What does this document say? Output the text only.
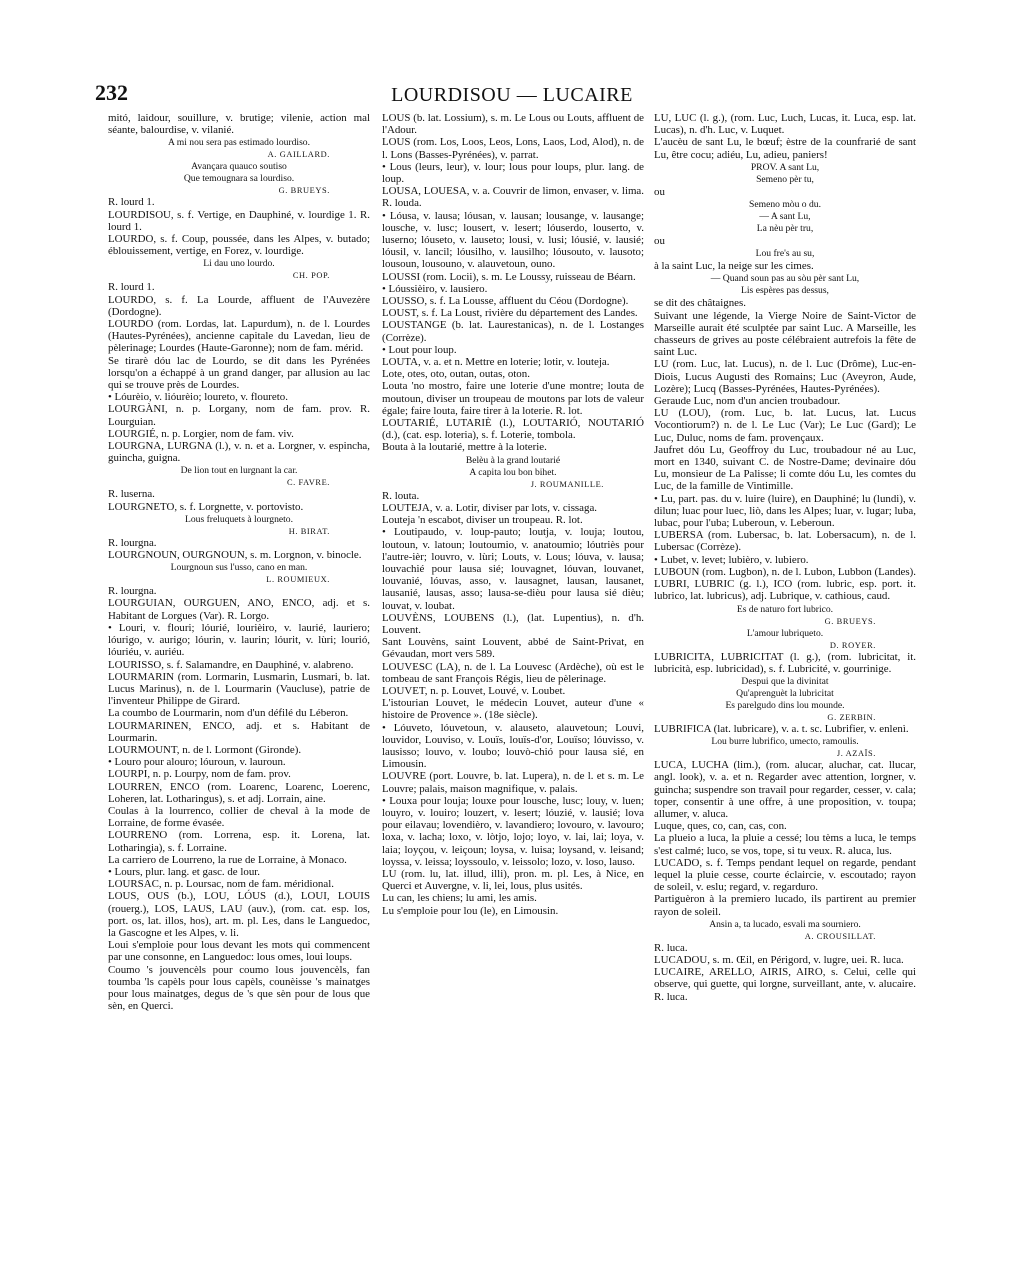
232	LOURDISOU — LUCAIRE

mitó, laidour, souillure, v. brutige; vilenie, action mal séante, balourdise, v. vilanié.

A mi nou sera pas estimado lourdiso.

A. GAILLARD.

Avançara quauco soutiso

Que temougnara sa lourdiso.

G. BRUEYS.

R. lourd 1.

LOURDISOU, s. f. Vertige, en Dauphiné, v. lourdige 1. R. lourd 1.

LOURDO, s. f. Coup, poussée, dans les Alpes, v. butado; éblouissement, vertige, en Forez, v. lourdige.

Li dau uno lourdo.

CH. POP.

R. lourd 1.

LOURDO, s. f. La Lourde, affluent de l'Auvezère (Dordogne).

LOURDO (rom. Lordas, lat. Lapurdum), n. de l. Lourdes (Hautes-Pyrénées), ancienne capitale du Lavedan, lieu de pèlerinage; Lourdes (Haute-Garonne); nom de fam. mérid.

Se tirarè dóu lac de Lourdo, se dit dans les Pyrénées lorsqu'on a échappé à un grand danger, par allusion au lac qui se trouve près de Lourdes.

• Lóurèio, v. lióurèio; loureto, v. floureto.

LOURGÀNI, n. p. Lorgany, nom de fam. prov. R. Lourguian.

LOURGIÉ, n. p. Lorgier, nom de fam. viv.

LOURGNA, LURGNA (l.), v. n. et a. Lorgner, v. espincha, guincha, guigna.

De lion tout en lurgnant la car.

C. FAVRE.

R. luserna.

LOURGNETO, s. f. Lorgnette, v. portovisto.

Lous freluquets à lourgneto.

H. BIRAT.

R. lourgna.

LOURGNOUN, OURGNOUN, s. m. Lorgnon, v. binocle.

Lourgnoun sus l'usso, cano en man.

L. ROUMIEUX.

R. lourgna.

LOURGUIAN, OURGUEN, ANO, ENCO, adj. et s. Habitant de Lorgues (Var). R. Lorgo.

• Louri, v. flouri; lóurié, lourièiro, v. laurié, lauriero; lóurigo, v. aurigo; lóurin, v. laurin; lóurit, v. lùri; lourió, lóuriéu, v. auriéu.

LOURISSO, s. f. Salamandre, en Dauphiné, v. alabreno.

LOURMARIN (rom. Lormarin, Lusmarin, Lusmari, b. lat. Lucus Marinus), n. de l. Lourmarin (Vaucluse), patrie de l'inventeur Philippe de Girard.

La coumbo de Lourmarin, nom d'un défilé du Léberon.

LOURMARINEN, ENCO, adj. et s. Habitant de Lourmarin.

LOURMOUNT, n. de l. Lormont (Gironde).

• Louro pour alouro; lóuroun, v. lauroun.

LOURPI, n. p. Lourpy, nom de fam. prov.

LOURREN, ENCO (rom. Loarenc, Loarenc, Loerenc, Loheren, lat. Lotharingus), s. et adj. Lorrain, aine.

Coulas à la lourrenco, collier de cheval à la mode de Lorraine, de forme évasée.

LOURRENO (rom. Lorrena, esp. it. Lorena, lat. Lotharingia), s. f. Lorraine.

La carriero de Lourreno, la rue de Lorraine, à Monaco.

• Lours, plur. lang. et gasc. de lour.

LOURSAC, n. p. Loursac, nom de fam. méridional.

LOUS, OUS (b.), LOU, LÓUS (d.), LOUI, LOUIS (rouerg.), LOS, LAUS, LAU (auv.), (rom. cat. esp. los, port. os, lat. illos, hos), art. m. pl. Les, dans le Languedoc, la Gascogne et les Alpes, v. li.

Loui s'emploie pour lous devant les mots qui commencent par une consonne, en Languedoc: lous omes, loui loups.

Coumo 's jouvencèls pour coumo lous jouvencèls, fan toumba 'ls capèls pour lous capèls, counèisse 's mainatges pour lous mainatges, degus de 's que sèn pour de lous que sèn, en Querci.

LOUS (b. lat. Lossium), s. m. Le Lous ou Louts, affluent de l'Adour.

LOUS (rom. Los, Loos, Leos, Lons, Laos, Lod, Alod), n. de l. Lons (Basses-Pyrénées), v. parrat.

• Lous (leurs, leur), v. lour; lous pour loups, plur. lang. de loup.

LOUSA, LOUESA, v. a. Couvrir de limon, envaser, v. lima. R. louda.

• Lóusa, v. lausa; lóusan, v. lausan; lousange, v. lausange; lousche, v. lusc; lousert, v. lesert; lóuserdo, louserto, v. luserno; lóuseto, v. lauseto; lousi, v. lusi; lóusié, v. lausié; lóusil, v. lancil; lóusilho, v. lausilho; lóusouto, v. lausoto; lousoun, lousouno, v. alauvetoun, ouno.

LOUSSI (rom. Locii), s. m. Le Loussy, ruisseau de Béarn.

• Lóussièiro, v. lausiero.

LOUSSO, s. f. La Lousse, affluent du Céou (Dordogne).

LOUST, s. f. La Loust, rivière du département des Landes.

LOUSTANGE (b. lat. Laurestanicas), n. de l. Lostanges (Corrèze).

• Lout pour loup.

LOUTA, v. a. et n. Mettre en loterie; lotir, v. louteja.

Lote, otes, oto, outan, outas, oton.

Louta 'no mostro, faire une loterie d'une montre; louta de moutoun, diviser un troupeau de moutons par lots de valeur égale; faire louta, faire tirer à la loterie. R. lot.

LOUTARIÉ, LUTARIÈ (l.), LOUTARIÓ, NOUTARIÓ (d.), (cat. esp. loteria), s. f. Loterie, tombola.

Bouta à la loutarié, mettre à la loterie.

Belèu à la grand loutarié

A capita lou bon bihet.

J. ROUMANILLE.

R. louta.

LOUTEJA, v. a. Lotir, diviser par lots, v. cissaga.

Louteja 'n escabot, diviser un troupeau. R. lot.

• Loutipaudo, v. loup-pauto; loutja, v. louja; loutou, loutoun, v. latoun; loutoumio, v. anatoumio; lóutriès pour l'autre-ièr; louvro, v. lùri; Louts, v. Lous; lóuva, v. lausa; louvachié pour lausa sié; louvagnet, lóuvan, louvanet, louvanié, lóuvas, asso, v. lausagnet, lausan, lausanet, lausanié, lausas, asso; lausa-se-dièu pour lausa sié dièu; louvat, v. loubat.

LOUVÈNS, LOUBENS (l.), (lat. Lupentius), n. d'h. Louvent.

Sant Louvèns, saint Louvent, abbé de Saint-Privat, en Gévaudan, mort vers 589.

LOUVESC (LA), n. de l. La Louvesc (Ardèche), où est le tombeau de sant François Régis, lieu de pèlerinage.

LOUVET, n. p. Louvet, Louvé, v. Loubet.

L'istourian Louvet, le médecin Louvet, auteur d'une « histoire de Provence ». (18e siècle).

• Lóuveto, lóuvetoun, v. alauseto, alauvetoun; Louvi, louvidor, Louviso, v. Louïs, louïs-d'or, Louïso; lóuvisso, v. lausisso; louvo, v. loubo; louvò-chió pour lausa sié, en Limousin.

LOUVRE (port. Louvre, b. lat. Lupera), n. de l. et s. m. Le Louvre; palais, maison magnifique, v. palais.

• Louxa pour louja; louxe pour lousche, lusc; louy, v. luen; louyro, v. louiro; louzert, v. lesert; lóuzié, v. lausié; lova pour eilavau; lovendièro, v. lavandiero; lovouro, v. lavouro; loxa, v. lacha; loxo, v. lòtjo, lojo; loyo, v. lai, lai; loya, v. laia; loyçou, v. leiçoun; loysa, v. luisa; loysand, v. leisand; loyssa, v. leissa; loyssoulo, v. leissolo; lozo, v. loso, lauso.

LU (rom. lu, lat. illud, illi), pron. m. pl. Les, à Nice, en Querci et Auvergne, v. li, lei, lous, plus usités.

Lu can, les chiens; lu ami, les amis.

Lu s'emploie pour lou (le), en Limousin.

LU, LUC (l. g.), (rom. Luc, Luch, Lucas, it. Luca, esp. lat. Lucas), n. d'h. Luc, v. Luquet.

L'aucèu de sant Lu, le bœuf; èstre de la counfrarié de sant Lu, être cocu; adiéu, Lu, adieu, paniers!

PROV. A sant Lu,

Semeno pèr tu,

ou

Semeno mòu o du.

— A sant Lu,

La nèu pèr tru,

ou

Lou fre's au su,

à la saint Luc, la neige sur les cimes.

— Quand soun pas au sòu pèr sant Lu,

Lis espères pas dessus,

se dit des châtaignes.

Suivant une légende, la Vierge Noire de Saint-Victor de Marseille aurait été sculptée par saint Luc. A Marseille, les chasseurs de grives au poste célébraient autrefois la fête de saint Luc.

LU (rom. Luc, lat. Lucus), n. de l. Luc (Drôme), Luc-en-Diois, Lucus Augusti des Romains; Luc (Aveyron, Aude, Lozère); Lucq (Basses-Pyrénées, Hautes-Pyrénées).

Geraude Luc, nom d'un ancien troubadour.

LU (LOU), (rom. Luc, b. lat. Lucus, lat. Lucus Vocontiorum?) n. de l. Le Luc (Var); Le Luc (Gard); Le Luc, Duluc, noms de fam. provençaux.

Jaufret dóu Lu, Geoffroy du Luc, troubadour né au Luc, mort en 1340, suivant C. de Nostre-Dame; devinaire dóu Lu, monsieur de La Palisse; li comte dóu Lu, les comtes du Luc, de la famille de Vintimille.

• Lu, part. pas. du v. luire (luire), en Dauphiné; lu (lundi), v. dilun; luac pour luec, liò, dans les Alpes; luar, v. lugar; luba, lubac, pour l'uba; Luberoun, v. Leberoun.

LUBERSA (rom. Lubersac, b. lat. Lobersacum), n. de l. Lubersac (Corrèze).

• Lubet, v. levet; lubièro, v. lubiero.

LUBOUN (rom. Lugbon), n. de l. Lubon, Lubbon (Landes).

LUBRI, LUBRIC (g. l.), ICO (rom. lubric, esp. port. it. lubrico, lat. lubricus), adj. Lubrique, v. cathious, caud.

Es de naturo fort lubrico.

G. BRUEYS.

L'amour lubriqueto.

D. ROYER.

LUBRICITA, LUBRICITAT (l. g.), (rom. lubricitat, it. lubricità, esp. lubricidad), s. f. Lubricité, v. gourrinige.

Despui que la divinitat

Qu'aprenguèt la lubricitat

Es parelgudo dins lou mounde.

G. ZERBIN.

LUBRIFICA (lat. lubricare), v. a. t. sc. Lubrifier, v. enlenì.

Lou burre lubrifico, umecto, ramoulis.

J. AZAÏS.

LUCA, LUCHA (lim.), (rom. alucar, aluchar, cat. llucar, angl. look), v. a. et n. Regarder avec attention, lorgner, v. guincha; suspendre son travail pour regarder, cesser, v. cala; toper, consentir à une offre, à une proposition, v. toupa; allumer, v. aluca.

Luque, ques, co, can, cas, con.

La plueio a luca, la pluie a cessé; lou tèms a luca, le temps s'est calmé; luco, se vos, tope, si tu veux. R. aluca, lus.

LUCADO, s. f. Temps pendant lequel on regarde, pendant lequel la pluie cesse, courte éclaircie, v. escoutado; rayon de soleil, v. eslu; regard, v. regarduro.

Partiguèron à la premiero lucado, ils partirent au premier rayon de soleil.

Ansin a, ta lucado, esvali ma sourniero.

A. CROUSILLAT.

R. luca.

LUCADOU, s. m. Œil, en Périgord, v. lugre, uei. R. luca.

LUCAIRE, ARELLO, AIRIS, AIRO, s. Celui, celle qui observe, qui guette, qui lorgne, surveillant, ante, v. alucaire. R. luca.
